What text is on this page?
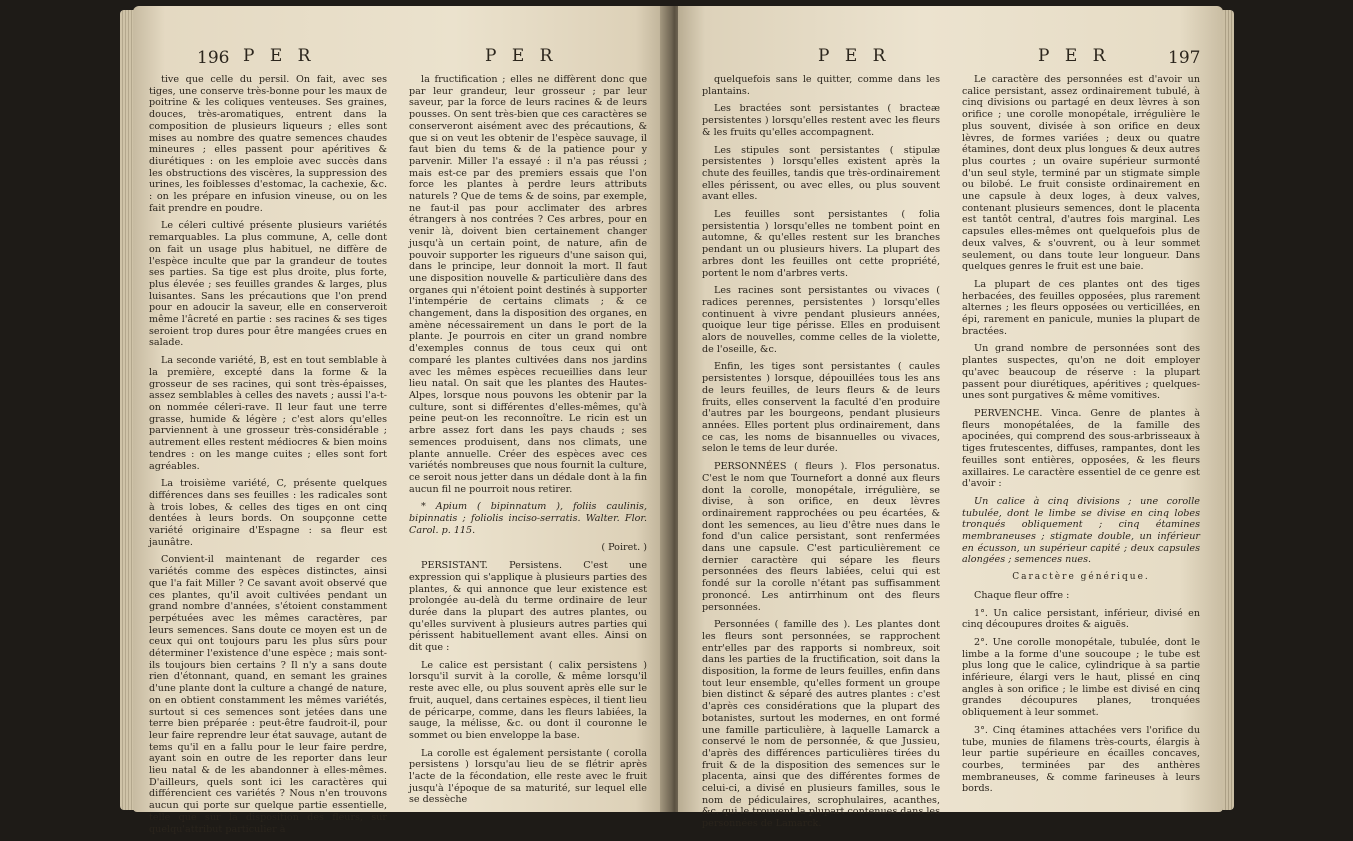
196 P E R	P E R

tive que celle du persil. On fait, avec ses tiges, une conserve très-bonne pour les maux de poitrine & les coliques venteuses. Ses graines, douces, très-aromatiques, entrent dans la composition de plusieurs liqueurs ; elles sont mises au nombre des quatre semences chaudes mineures ; elles passent pour apéritives & diurétiques : on les emploie avec succès dans les obstructions des viscères, la suppression des urines, les foiblesses d'estomac, la cachexie, &c. : on les prépare en infusion vineuse, ou on les fait prendre en poudre.

Le céleri cultivé présente plusieurs variétés remarquables. La plus commune, A, celle dont on fait un usage plus habituel, ne diffère de l'espèce inculte que par la grandeur de toutes ses parties. Sa tige est plus droite, plus forte, plus élevée ; ses feuilles grandes & larges, plus luisantes. Sans les précautions que l'on prend pour en adoucir la saveur, elle en conserveroit même l'âcreté en partie : ses racines & ses tiges seroient trop dures pour être mangées crues en salade.

La seconde variété, B, est en tout semblable à la première, excepté dans la forme & la grosseur de ses racines, qui sont très-épaisses, assez semblables à celles des navets ; aussi l'a-t-on nommée céleri-rave. Il leur faut une terre grasse, humide & légère ; c'est alors qu'elles parviennent à une grosseur très-considérable ; autrement elles restent médiocres & bien moins tendres : on les mange cuites ; elles sont fort agréables.

La troisième variété, C, présente quelques différences dans ses feuilles : les radicales sont à trois lobes, & celles des tiges en ont cinq dentées à leurs bords. On soupçonne cette variété originaire d'Espagne : sa fleur est jaunâtre.

Convient-il maintenant de regarder ces variétés comme des espèces distinctes, ainsi que l'a fait Miller ? Ce savant avoit observé que ces plantes, qu'il avoit cultivées pendant un grand nombre d'années, s'étoient constamment perpétuées avec les mêmes caractères, par leurs semences. Sans doute ce moyen est un de ceux qui ont toujours paru les plus sûrs pour déterminer l'existence d'une espèce ; mais sont-ils toujours bien certains ? Il n'y a sans doute rien d'étonnant, quand, en semant les graines d'une plante dont la culture a changé de nature, on en obtient constamment les mêmes variétés, surtout si ces semences sont jetées dans une terre bien préparée : peut-être faudroit-il, pour leur faire reprendre leur état sauvage, autant de tems qu'il en a fallu pour le leur faire perdre, ayant soin en outre de les reporter dans leur lieu natal & de les abandonner à elles-mêmes. D'ailleurs, quels sont ici les caractères qui différencient ces variétés ? Nous n'en trouvons aucun qui porte sur quelque partie essentielle, telle que sur la disposition des fleurs, sur quelqu'attribut particulier à

la fructification ; elles ne diffèrent donc que par leur grandeur, leur grosseur ; par leur saveur, par la force de leurs racines & de leurs pousses. On sent très-bien que ces caractères se conserveront aisément avec des précautions, & que si on veut les obtenir de l'espèce sauvage, il faut bien du tems & de la patience pour y parvenir. Miller l'a essayé : il n'a pas réussi ; mais est-ce par des premiers essais que l'on force les plantes à perdre leurs attributs naturels ? Que de tems & de soins, par exemple, ne faut-il pas pour acclimater des arbres étrangers à nos contrées ? Ces arbres, pour en venir là, doivent bien certainement changer jusqu'à un certain point, de nature, afin de pouvoir supporter les rigueurs d'une saison qui, dans le principe, leur donnoit la mort. Il faut une disposition nouvelle & particulière dans des organes qui n'étoient point destinés à supporter l'intempérie de certains climats ; & ce changement, dans la disposition des organes, en amène nécessairement un dans le port de la plante. Je pourrois en citer un grand nombre d'exemples connus de tous ceux qui ont comparé les plantes cultivées dans nos jardins avec les mêmes espèces recueillies dans leur lieu natal. On sait que les plantes des Hautes-Alpes, lorsque nous pouvons les obtenir par la culture, sont si différentes d'elles-mêmes, qu'à peine peut-on les reconnoître. Le ricin est un arbre assez fort dans les pays chauds ; ses semences produisent, dans nos climats, une plante annuelle. Créer des espèces avec ces variétés nombreuses que nous fournit la culture, ce seroit nous jetter dans un dédale dont à la fin aucun fil ne pourroit nous retirer.

* Apium ( bipinnatum ), foliis caulinis, bipinnatis ; foliolis inciso-serratis. Walter. Flor. Carol. p. 115.

( Poiret. )

PERSISTANT. Persistens. C'est une expression qui s'applique à plusieurs parties des plantes, & qui annonce que leur existence est prolongée au-delà du terme ordinaire de leur durée dans la plupart des autres plantes, ou qu'elles survivent à plusieurs autres parties qui périssent habituellement avant elles. Ainsi on dit que :

Le calice est persistant ( calix persistens ) lorsqu'il survit à la corolle, & même lorsqu'il reste avec elle, ou plus souvent après elle sur le fruit, auquel, dans certaines espèces, il tient lieu de péricarpe, comme, dans les fleurs labiées, la sauge, la mélisse, &c. ou dont il couronne le sommet ou bien enveloppe la base.

La corolle est également persistante ( corolla persistens ) lorsqu'au lieu de se flétrir après l'acte de la fécondation, elle reste avec le fruit jusqu'à l'époque de sa maturité, sur lequel elle se dessèche

P E R	P E R	197

quelquefois sans le quitter, comme dans les plantains.

Les bractées sont persistantes ( bracteæ persistentes ) lorsqu'elles restent avec les fleurs & les fruits qu'elles accompagnent.

Les stipules sont persistantes ( stipulæ persistentes ) lorsqu'elles existent après la chute des feuilles, tandis que très-ordinairement elles périssent, ou avec elles, ou plus souvent avant elles.

Les feuilles sont persistantes ( folia persistentia ) lorsqu'elles ne tombent point en automne, & qu'elles restent sur les branches pendant un ou plusieurs hivers. La plupart des arbres dont les feuilles ont cette propriété, portent le nom d'arbres verts.

Les racines sont persistantes ou vivaces ( radices perennes, persistentes ) lorsqu'elles continuent à vivre pendant plusieurs années, quoique leur tige périsse. Elles en produisent alors de nouvelles, comme celles de la violette, de l'oseille, &c.

Enfin, les tiges sont persistantes ( caules persistentes ) lorsque, dépouillées tous les ans de leurs feuilles, de leurs fleurs & de leurs fruits, elles conservent la faculté d'en produire d'autres par les bourgeons, pendant plusieurs années. Elles portent plus ordinairement, dans ce cas, les noms de bisannuelles ou vivaces, selon le tems de leur durée.

PERSONNÉES ( fleurs ). Flos personatus. C'est le nom que Tournefort a donné aux fleurs dont la corolle, monopétale, irrégulière, se divise, à son orifice, en deux lèvres ordinairement rapprochées ou peu écartées, & dont les semences, au lieu d'être nues dans le fond d'un calice persistant, sont renfermées dans une capsule. C'est particulièrement ce dernier caractère qui sépare les fleurs personnées des fleurs labiées, celui qui est fondé sur la corolle n'étant pas suffisamment prononcé. Les antirrhinum ont des fleurs personnées.

Personnées ( famille des ). Les plantes dont les fleurs sont personnées, se rapprochent entr'elles par des rapports si nombreux, soit dans les parties de la fructification, soit dans la disposition, la forme de leurs feuilles, enfin dans tout leur ensemble, qu'elles forment un groupe bien distinct & séparé des autres plantes : c'est d'après ces considérations que la plupart des botanistes, surtout les modernes, en ont formé une famille particulière, à laquelle Lamarck a conservé le nom de personnée, & que Jussieu, d'après des différences particulières tirées du fruit & de la disposition des semences sur le placenta, ainsi que des différentes formes de celui-ci, a divisé en plusieurs familles, sous le nom de pédiculaires, scrophulaires, acanthes, &c. qui le trouvent la plupart contenues dans les personnées de Lamarck.

Le caractère des personnées est d'avoir un calice persistant, assez ordinairement tubulé, à cinq divisions ou partagé en deux lèvres à son orifice ; une corolle monopétale, irrégulière le plus souvent, divisée à son orifice en deux lèvres, de formes variées ; deux ou quatre étamines, dont deux plus longues & deux autres plus courtes ; un ovaire supérieur surmonté d'un seul style, terminé par un stigmate simple ou bilobé. Le fruit consiste ordinairement en une capsule à deux loges, à deux valves, contenant plusieurs semences, dont le placenta est tantôt central, d'autres fois marginal. Les capsules elles-mêmes ont quelquefois plus de deux valves, & s'ouvrent, ou à leur sommet seulement, ou dans toute leur longueur. Dans quelques genres le fruit est une baie.

La plupart de ces plantes ont des tiges herbacées, des feuilles opposées, plus rarement alternes ; les fleurs opposées ou verticillées, en épi, rarement en panicule, munies la plupart de bractées.

Un grand nombre de personnées sont des plantes suspectes, qu'on ne doit employer qu'avec beaucoup de réserve : la plupart passent pour diurétiques, apéritives ; quelques-unes sont purgatives & même vomitives.

PERVENCHE. Vinca. Genre de plantes à fleurs monopétalées, de la famille des apocinées, qui comprend des sous-arbrisseaux à tiges frutescentes, diffuses, rampantes, dont les feuilles sont entières, opposées, & les fleurs axillaires. Le caractère essentiel de ce genre est d'avoir :

Un calice à cinq divisions ; une corolle tubulée, dont le limbe se divise en cinq lobes tronqués obliquement ; cinq étamines membraneuses ; stigmate double, un inférieur en écusson, un supérieur capité ; deux capsules alongées ; semences nues.

Caractère générique.

Chaque fleur offre :

1°. Un calice persistant, inférieur, divisé en cinq découpures droites & aiguës.

2°. Une corolle monopétale, tubulée, dont le limbe a la forme d'une soucoupe ; le tube est plus long que le calice, cylindrique à sa partie inférieure, élargi vers le haut, plissé en cinq angles à son orifice ; le limbe est divisé en cinq grandes découpures planes, tronquées obliquement à leur sommet.

3°. Cinq étamines attachées vers l'orifice du tube, munies de filamens très-courts, élargis à leur partie supérieure en écailles concaves, courbes, terminées par des anthères membraneuses, & comme farineuses à leurs bords.
